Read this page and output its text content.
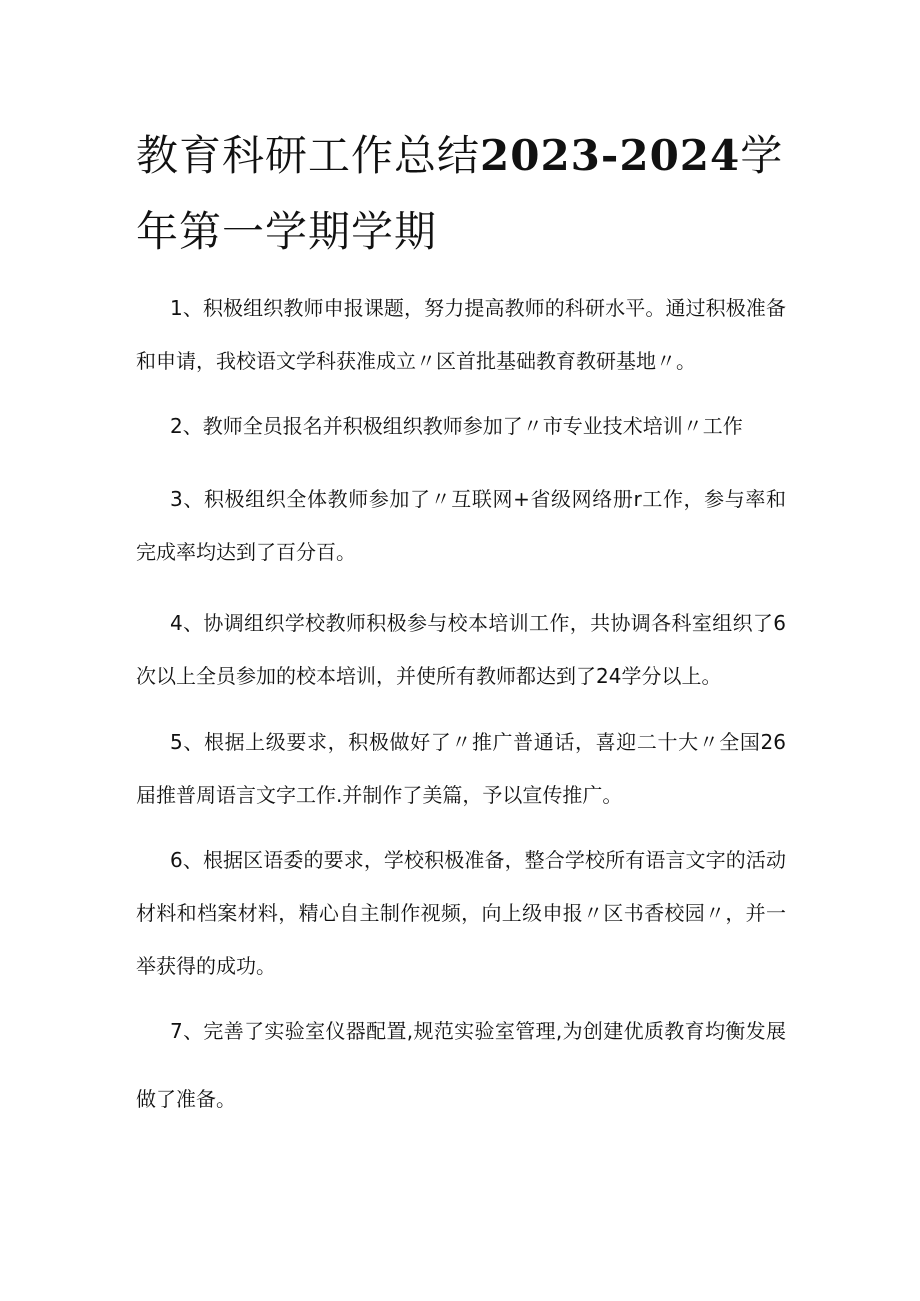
教育科研工作总结2023-2024学年第一学期学期

1、积极组织教师申报课题，努力提高教师的科研水平。通过积极准备和申请，我校语文学科获准成立〃区首批基础教育教研基地〃。

2、教师全员报名并积极组织教师参加了〃市专业技术培训〃工作

3、积极组织全体教师参加了〃互联网+省级网络册r工作，参与率和完成率均达到了百分百。

4、协调组织学校教师积极参与校本培训工作，共协调各科室组织了6次以上全员参加的校本培训，并使所有教师都达到了24学分以上。

5、根据上级要求，积极做好了〃推广普通话，喜迎二十大〃全国26届推普周语言文字工作.并制作了美篇，予以宣传推广。

6、根据区语委的要求，学校积极准备，整合学校所有语言文字的活动材料和档案材料，精心自主制作视频，向上级申报〃区书香校园〃，并一举获得的成功。

7、完善了实验室仪器配置,规范实验室管理,为创建优质教育均衡发展做了准备。
